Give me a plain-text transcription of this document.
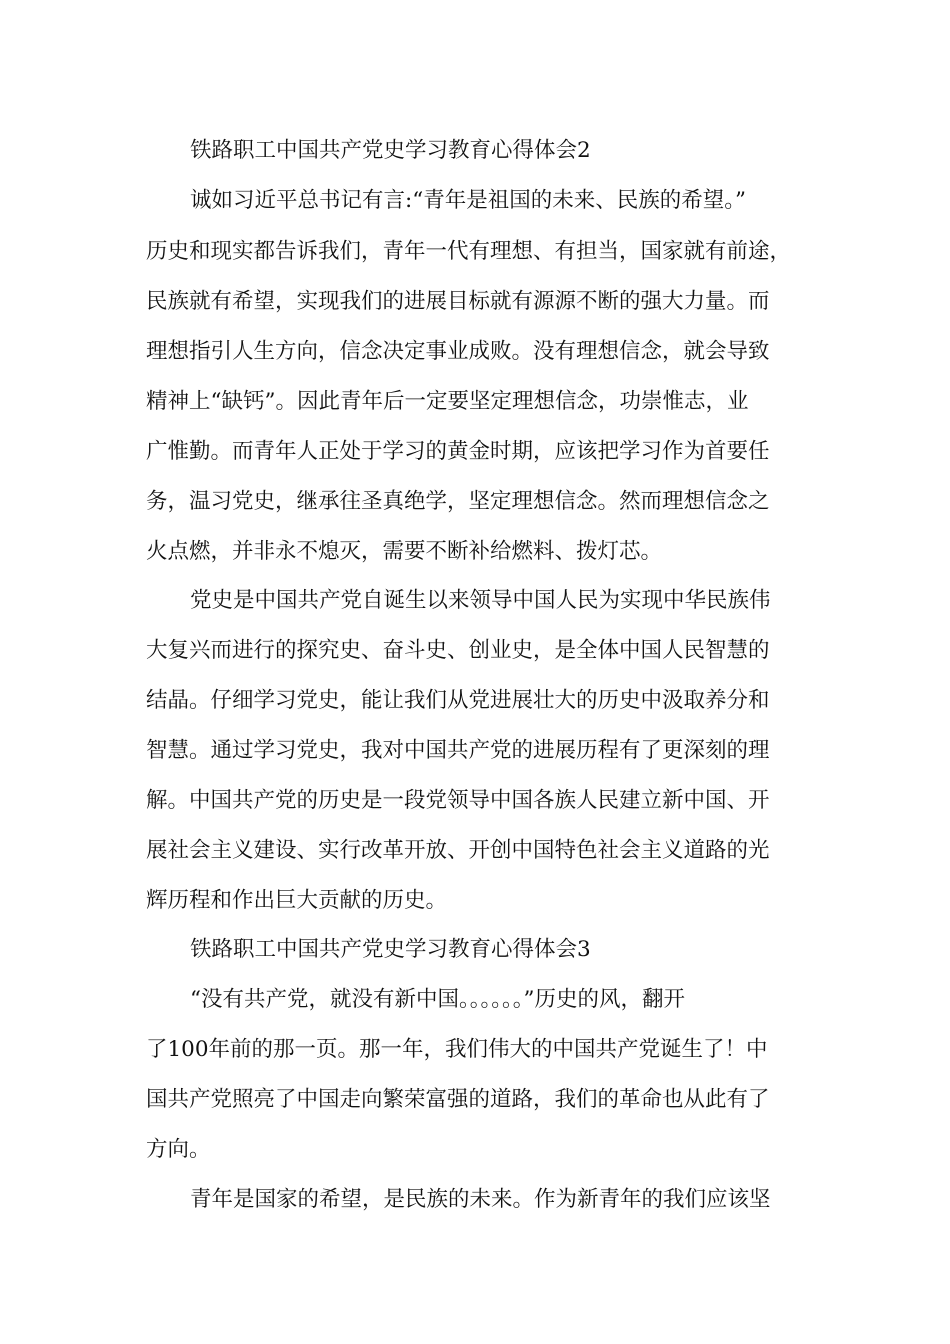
铁路职工中国共产党史学习教育心得体会2

诚如习近平总书记有言:“青年是祖国的未来、民族的希望。”

历史和现实都告诉我们，青年一代有理想、有担当，国家就有前途，

民族就有希望，实现我们的进展目标就有源源不断的强大力量。而

理想指引人生方向，信念决定事业成败。没有理想信念，就会导致

精神上“缺钙”。因此青年后一定要坚定理想信念，功崇惟志，业

广惟勤。而青年人正处于学习的黄金时期，应该把学习作为首要任

务，温习党史，继承往圣真绝学，坚定理想信念。然而理想信念之

火点燃，并非永不熄灭，需要不断补给燃料、拨灯芯。

党史是中国共产党自诞生以来领导中国人民为实现中华民族伟

大复兴而进行的探究史、奋斗史、创业史，是全体中国人民智慧的

结晶。仔细学习党史，能让我们从党进展壮大的历史中汲取养分和

智慧。通过学习党史，我对中国共产党的进展历程有了更深刻的理

解。中国共产党的历史是一段党领导中国各族人民建立新中国、开

展社会主义建设、实行改革开放、开创中国特色社会主义道路的光

辉历程和作出巨大贡献的历史。

铁路职工中国共产党史学习教育心得体会3

“没有共产党，就没有新中国。。。。。。”历史的风，翻开

了100年前的那一页。那一年，我们伟大的中国共产党诞生了！中

国共产党照亮了中国走向繁荣富强的道路，我们的革命也从此有了

方向。

青年是国家的希望，是民族的未来。作为新青年的我们应该坚
